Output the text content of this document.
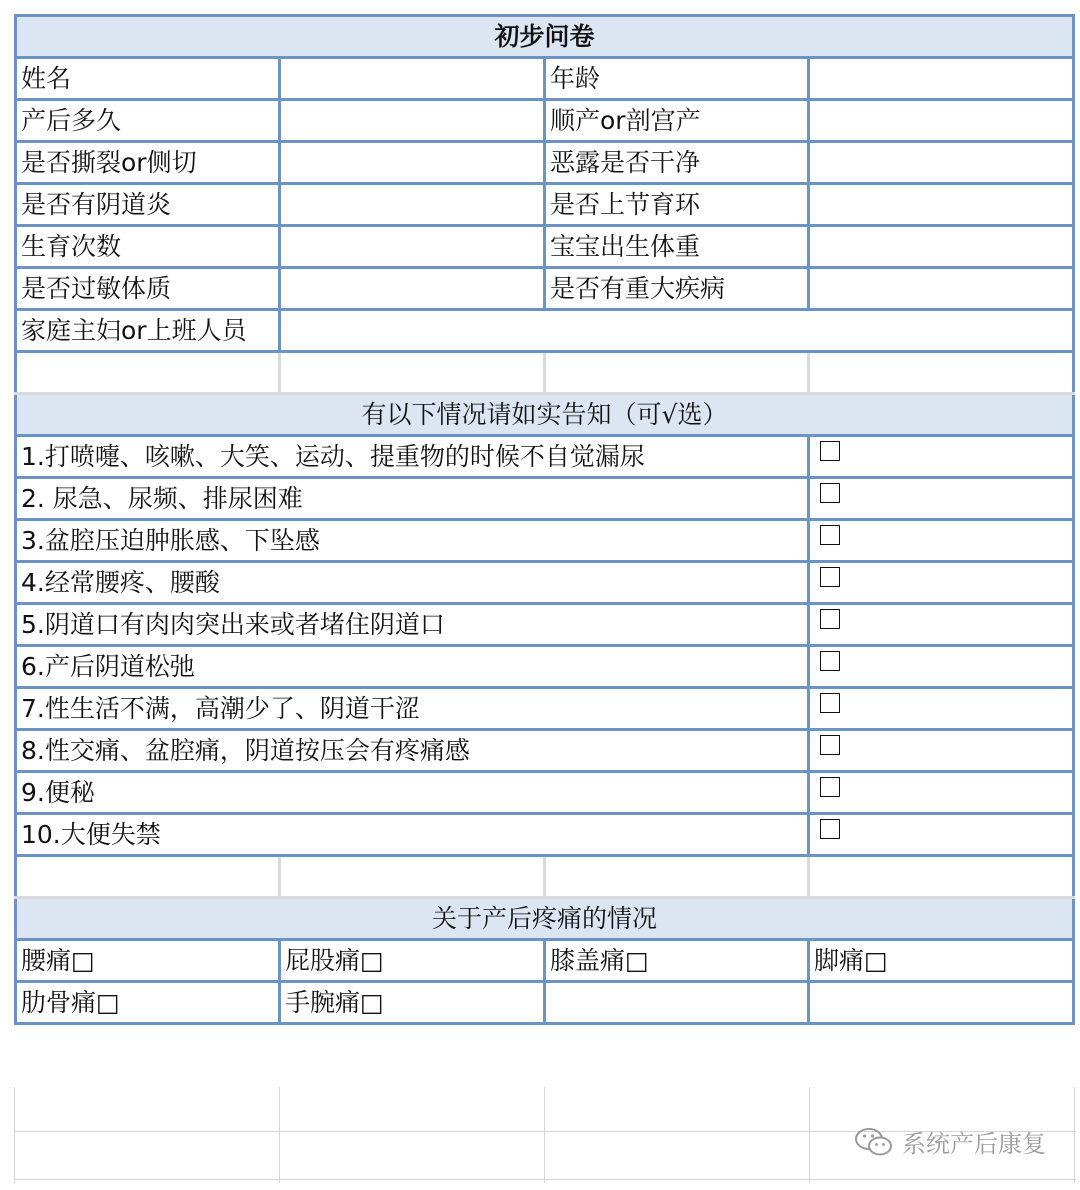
初步问卷			
姓名		年龄	
产后多久		顺产or剖宫产	
是否撕裂or侧切		恶露是否干净	
是否有阴道炎		是否上节育环	
生育次数		宝宝出生体重	
是否过敏体质		是否有重大疾病	
家庭主妇or上班人员			

有以下情况请如实告知（可√选）			
1.打喷嚏、咳嗽、大笑、运动、提重物的时候不自觉漏尿			
2. 尿急、尿频、排尿困难			
3.盆腔压迫肿胀感、下坠感			
4.经常腰疼、腰酸			
5.阴道口有肉肉突出来或者堵住阴道口			
6.产后阴道松弛			
7.性生活不满，高潮少了、阴道干涩			
8.性交痛、盆腔痛，阴道按压会有疼痛感			
9.便秘			
10.大便失禁			

关于产后疼痛的情况			
腰痛□	屁股痛□	膝盖痛□	脚痛□
肋骨痛□	手腕痛□		
系统产后康复
